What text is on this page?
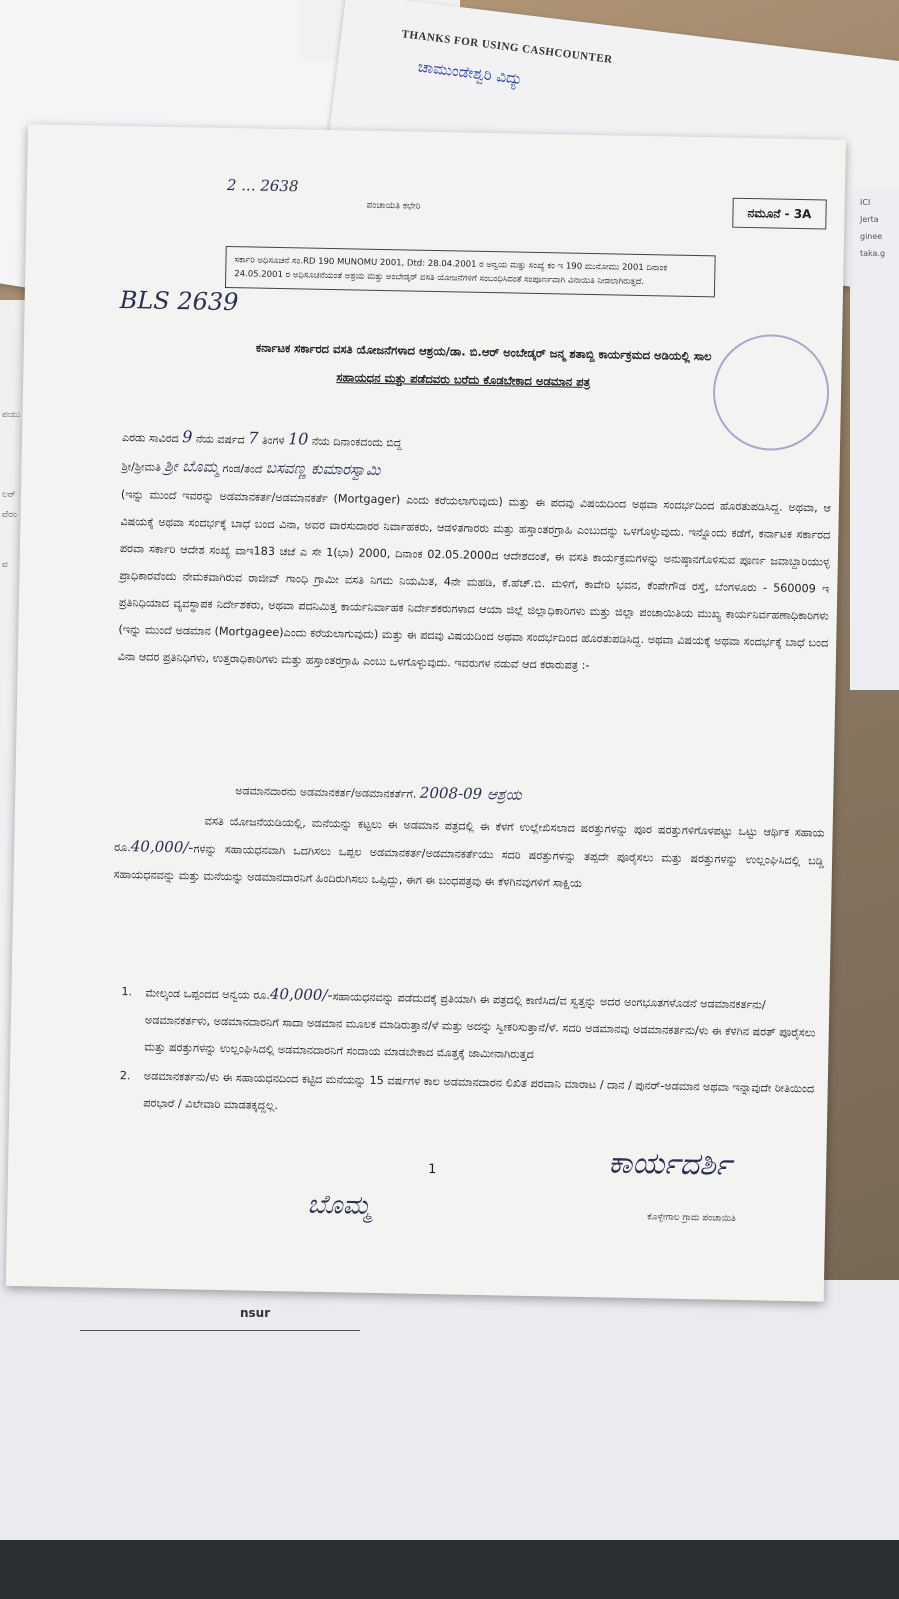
THANKS FOR USING CASHCOUNTER
ಚಾಮುಂಡೇಶ್ವರಿ ವಿದ್ಯು
ICI
Jerta
ginee
taka.g
ಪಯು
ಲರ್
ವೆರಂ
ವ
nsur
2 ... 2638
ಪಂಚಾಯತಿ ಕಛೇರಿ	ನಮೂನೆ - 3A
ಸರ್ಕಾರಿ ಅಧಿಸೂಚನೆ ಸಂ.RD 190 MUNOMU 2001, Dtd: 28.04.2001 ರ ಅನ್ವಯ ಮತ್ತು ಸಂಖ್ಯೆ ಕಂ ಇ 190 ಮುನೋಮು 2001 ದಿನಾಂಕ 24.05.2001 ರ ಅಧಿಸೂಚನೆಯಂತೆ ಅಶ್ರಯ ಮತ್ತು ಅಂಬೇಡ್ಕರ್ ವಸತಿ ಯೋಜನೆಗಳಿಗೆ ಸಂಬಂಧಿಸಿದಂತೆ ಸಂಪೂರ್ಣವಾಗಿ ವಿನಾಯಿತಿ ನೀಡಲಾಗಿರುತ್ತದೆ.
BLS 2639
ಕರ್ನಾಟಕ ಸರ್ಕಾರದ ವಸತಿ ಯೋಜನೆಗಳಾದ ಆಶ್ರಯ/ಡಾ. ಬಿ.ಆರ್ ಅಂಬೇಡ್ಕರ್ ಜನ್ಮ ಶತಾಬ್ದಿ ಕಾರ್ಯಕ್ರಮದ ಅಡಿಯಲ್ಲಿ ಸಾಲ
ಸಹಾಯಧನ ಮತ್ತು ಪಡೆದವರು ಬರೆದು ಕೊಡಬೇಕಾದ ಅಡಮಾನ ಪತ್ರ
ಎರಡು ಸಾವಿರದ 9 ನೆಯ ವರ್ಷದ 7 ತಿಂಗಳ 10 ನೆಯ ದಿನಾಂಕದಂದು ಬಿದ್ದ
ಶ್ರೀ/ಶ್ರೀಮತಿ ಶ್ರೀ ಬೊಮ್ಮ ಗಂಡ/ತಂದೆ ಬಸವಣ್ಣ ಕುಮಾರಸ್ವಾಮಿ
(ಇನ್ನು ಮುಂದೆ ಇವರನ್ನು ಅಡಮಾನಕರ್ತ/ಅಡಮಾನಕರ್ತೆ (Mortgager) ಎಂದು ಕರೆಯಲಾಗುವುದು) ಮತ್ತು ಈ ಪದವು ವಿಷಯದಿಂದ ಅಥವಾ ಸಂದರ್ಭದಿಂದ ಹೊರತುಪಡಿಸಿದ್ದ. ಅಥವಾ, ಆ ವಿಷಯಕ್ಕೆ ಅಥವಾ ಸಂದರ್ಭಕ್ಕೆ ಬಾಧೆ ಬಂದ ವಿನಾ, ಅವರ ವಾರಸುದಾರರ ನಿರ್ವಾಹಕರು, ಆಡಳಿತಗಾರರು ಮತ್ತು ಹಸ್ತಾಂತರಗ್ರಾಹಿ ಎಂಬುದನ್ನು ಒಳಗೊಳ್ಳುವುದು. ಇನ್ನೊಂದು ಕಡೆಗೆ, ಕರ್ನಾಟಕ ಸರ್ಕಾರದ ಪರವಾ ಸರ್ಕಾರಿ ಆದೇಶ ಸಂಖ್ಯೆ ವಾಇ183 ಚಜೆ ಎ ಸೇ 1(ಭಾ) 2000, ದಿನಾಂಕ 02.05.2000ದ ಆದೇಶದಂತೆ, ಈ ವಸತಿ ಕಾರ್ಯಕ್ರಮಗಳನ್ನು ಅನುಷ್ಠಾನಗೊಳಿಸುವ ಪೂರ್ಣ ಜವಾಬ್ದಾರಿಯುಳ್ಳ ಪ್ರಾಧಿಕಾರವೆಂದು ನೇಮಕವಾಗಿರುವ ರಾಜೀವ್ ಗಾಂಧಿ ಗ್ರಾಮೀ ವಸತಿ ನಿಗಮ ನಿಯಮಿತ, 4ನೇ ಮಹಡಿ, ಕೆ.ಹೆಚ್.ಬಿ. ಮಳಿಗೆ, ಕಾವೇರಿ ಭವನ, ಕೆಂಪೇಗೌಡ ರಸ್ತೆ, ಬೆಂಗಳೂರು - 560009 ಇ ಪ್ರತಿನಿಧಿಯಾದ ವ್ಯವಸ್ಥಾಪಕ ನಿರ್ದೇಶಕರು, ಅಥವಾ ಪದನಿಮಿತ್ತ ಕಾರ್ಯನಿರ್ವಾಹಕ ನಿರ್ದೇಶಕರುಗಳಾದ ಆಯಾ ಜಿಲ್ಲೆ ಜಿಲ್ಲಾಧಿಕಾರಿಗಳು ಮತ್ತು ಜಿಲ್ಲಾ ಪಂಚಾಯಿತಿಯ ಮುಖ್ಯ ಕಾರ್ಯನಿರ್ವಹಣಾಧಿಕಾರಿಗಳು (ಇನ್ನು ಮುಂದೆ ಅಡಮಾನ (Mortgagee)ಎಂದು ಕರೆಯಲಾಗುವುದು) ಮತ್ತು ಈ ಪದವು ವಿಷಯದಿಂದ ಅಥವಾ ಸಂದರ್ಭದಿಂದ ಹೊರತುಪಡಿಸಿದ್ದ. ಅಥವಾ ವಿಷಯಕ್ಕೆ ಅಥವಾ ಸಂದರ್ಭಕ್ಕೆ ಬಾಧೆ ಬಂದ ವಿನಾ ಆದರ ಪ್ರತಿನಿಧಿಗಳು, ಉತ್ತರಾಧಿಕಾರಿಗಳು ಮತ್ತು ಹಸ್ತಾಂತರಗ್ರಾಹಿ ಎಂಬು ಒಳಗೊಳ್ಳುವುದು. ಇವರುಗಳ ನಡುವೆ ಆದ ಕರಾರುಪತ್ರ :-
ಅಡಮಾನದಾರನು ಅಡಮಾನಕರ್ತ/ಅಡಮಾನಕರ್ತೆಗೆ. 2008-09 ಆಶ್ರಯ
ವಸತಿ ಯೋಜನೆಯಡಿಯಲ್ಲಿ, ಮನೆಯನ್ನು ಕಟ್ಟಲು ಈ ಅಡಮಾನ ಪತ್ರದಲ್ಲಿ ಈ ಕೆಳಗೆ ಉಲ್ಲೇಖಿಸಲಾದ ಷರತ್ತುಗಳನ್ನು ಪೂರ ಷರತ್ತುಗಳಿಗೊಳಪಟ್ಟು ಒಟ್ಟು ಆರ್ಥಿಕ ಸಹಾಯ ರೂ.40,000/-ಗಳನ್ನು ಸಹಾಯಧನವಾಗಿ ಒದಗಿಸಲು ಒಪ್ಪಲ ಅಡಮಾನಕರ್ತ/ಅಡಮಾನಕರ್ತೆಯು ಸದರಿ ಷರತ್ತುಗಳನ್ನು ತಪ್ಪದೇ ಪೂರೈಸಲು ಮತ್ತು ಷರತ್ತುಗಳನ್ನು ಉಲ್ಲಂಘಿಸಿದಲ್ಲಿ ಬಡ್ಡಿ ಸಹಾಯಧನವನ್ನು ಮತ್ತು ಮನೆಯನ್ನು ಅಡಮಾನದಾರನಿಗೆ ಹಿಂದಿರುಗಿಸಲು ಒಪ್ಪಿದ್ದು, ಈಗ ಈ ಬಂಧಪತ್ರವು ಈ ಕೆಳಗಿನವುಗಳಿಗೆ ಸಾಕ್ಷಿಯ
1.	ಮೇಲ್ಕಂಡ ಒಪ್ಪಂದದ ಅನ್ವಯ ರೂ.40,000/-ಸಹಾಯಧನವನ್ನು ಪಡೆದುದಕ್ಕೆ ಪ್ರತಿಯಾಗಿ ಈ ಪತ್ರದಲ್ಲಿ ಕಾಣಿಸಿದ/ವ ಸ್ವತ್ತನ್ನು ಅದರ ಅಂಗಭೂತಗಳೊಡನೆ ಅಡಮಾನಕರ್ತನು/ ಅಡಮಾನಕರ್ತಳು, ಅಡಮಾನದಾರನಿಗೆ ಸಾದಾ ಅಡಮಾನ ಮೂಲಕ ಮಾಡಿರುತ್ತಾನೆ/ಳೆ ಮತ್ತು ಅದನ್ನು ಸ್ವೀಕರಿಸುತ್ತಾನೆ/ಳೆ. ಸದರಿ ಅಡಮಾನವು ಅಡಮಾನಕರ್ತನು/ಳು ಈ ಕೆಳಗಿನ ಷರತ್ ಪೂರೈಸಲು ಮತ್ತು ಷರತ್ತುಗಳನ್ನು ಉಲ್ಲಂಘಿಸಿದಲ್ಲಿ ಅಡಮಾನದಾರನಿಗೆ ಸಂದಾಯ ಮಾಡಬೇಕಾದ ಮೊತ್ತಕ್ಕೆ ಜಾಮೀನಾಗಿರುತ್ತದ
2.	ಅಡಮಾನಕರ್ತನು/ಳು ಈ ಸಹಾಯಧನದಿಂದ ಕಟ್ಟಿದ ಮನೆಯನ್ನು 15 ವರ್ಷಗಳ ಕಾಲ ಅಡಮಾನದಾರನ ಲಿಖಿತ ಪರವಾನಿ ಮಾರಾಟ / ದಾನ / ಪುನರ್-ಅಡಮಾನ ಅಥವಾ ಇನ್ನಾವುದೇ ರೀತಿಯಿಂದ ಪರಭಾರೆ / ವಿಲೇವಾರಿ ಮಾಡತಕ್ಕದ್ದಲ್ಲ.
1
ಬೊಮ್ಮ
ಕಾರ್ಯದರ್ಶಿ
ಕೊಳ್ಳೇಗಾಲ ಗ್ರಾಮ ಪಂಚಾಯಿತಿ
